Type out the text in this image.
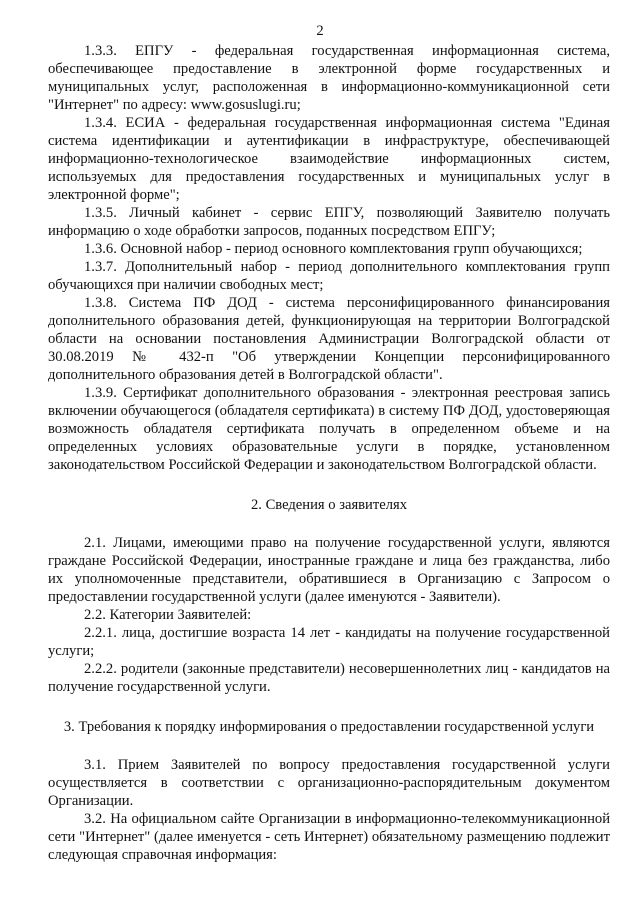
2

1.3.3. ЕПГУ - федеральная государственная информационная система, обеспечивающее предоставление в электронной форме государственных и муниципальных услуг, расположенная в информационно-коммуникационной сети "Интернет" по адресу: www.gosuslugi.ru;

1.3.4. ЕСИА - федеральная государственная информационная система "Единая система идентификации и аутентификации в инфраструктуре, обеспечивающей информационно-технологическое взаимодействие информационных систем, используемых для предоставления государственных и муниципальных услуг в электронной форме";

1.3.5. Личный кабинет - сервис ЕПГУ, позволяющий Заявителю получать информацию о ходе обработки запросов, поданных посредством ЕПГУ;

1.3.6. Основной набор - период основного комплектования групп обучающихся;

1.3.7. Дополнительный набор - период дополнительного комплектования групп обучающихся при наличии свободных мест;

1.3.8. Система ПФ ДОД - система персонифицированного финансирования дополнительного образования детей, функционирующая на территории Волгоградской области на основании постановления Администрации Волгоградской области от 30.08.2019 № 432-п "Об утверждении Концепции персонифицированного дополнительного образования детей в Волгоградской области".

1.3.9. Сертификат дополнительного образования - электронная реестровая запись включении обучающегося (обладателя сертификата) в систему ПФ ДОД, удостоверяющая возможность обладателя сертификата получать в определенном объеме и на определенных условиях образовательные услуги в порядке, установленном законодательством Российской Федерации и законодательством Волгоградской области.

2. Сведения о заявителях

2.1. Лицами, имеющими право на получение государственной услуги, являются граждане Российской Федерации, иностранные граждане и лица без гражданства, либо их уполномоченные представители, обратившиеся в Организацию с Запросом о предоставлении государственной услуги (далее именуются - Заявители).

2.2. Категории Заявителей:

2.2.1. лица, достигшие возраста 14 лет - кандидаты на получение государственной услуги;

2.2.2. родители (законные представители) несовершеннолетних лиц - кандидатов на получение государственной услуги.

3. Требования к порядку информирования о предоставлении государственной услуги

3.1. Прием Заявителей по вопросу предоставления государственной услуги осуществляется в соответствии с организационно-распорядительным документом Организации.

3.2. На официальном сайте Организации в информационно-телекоммуникационной сети "Интернет" (далее именуется - сеть Интернет) обязательному размещению подлежит следующая справочная информация:
